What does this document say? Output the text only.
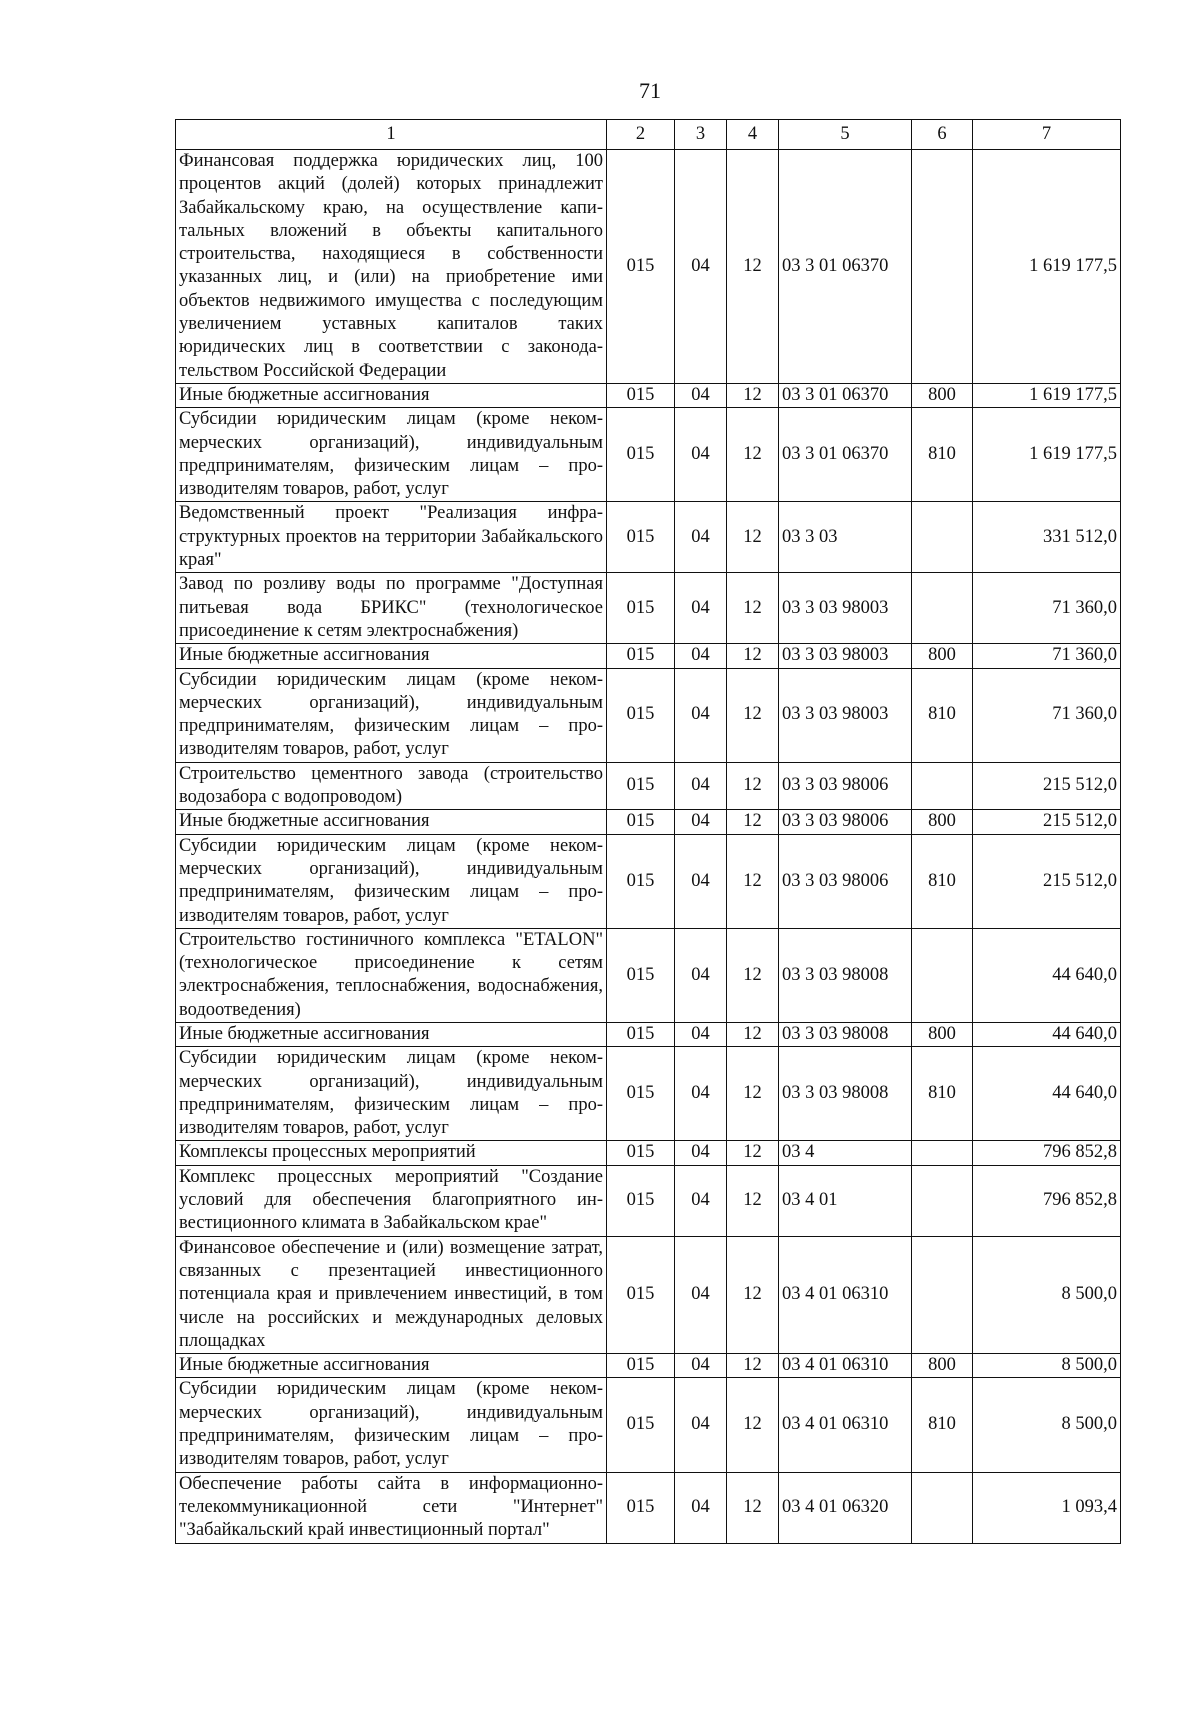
71
1	2	3	4	5	6	7
Финансовая поддержка юридических лиц, 100 процентов акций (долей) которых принадлежит Забайкальскому краю, на осуществление капитальных вложений в объекты капитального строительства, находящиеся в собственности указанных лиц, и (или) на приобретение ими объектов недвижимого имущества с последующим увеличением уставных капиталов таких юридических лиц в соответствии с законодательством Российской Федерации	015	04	12	03 3 01 06370		1 619 177,5
Иные бюджетные ассигнования	015	04	12	03 3 01 06370	800	1 619 177,5
Субсидии юридическим лицам (кроме некоммерческих организаций), индивидуальным предпринимателям, физическим лицам – производителям товаров, работ, услуг	015	04	12	03 3 01 06370	810	1 619 177,5
Ведомственный проект "Реализация инфраструктурных проектов на территории Забайкальского края"	015	04	12	03 3 03		331 512,0
Завод по розливу воды по программе "Доступная питьевая вода БРИКС" (технологическое присоединение к сетям электроснабжения)	015	04	12	03 3 03 98003		71 360,0
Иные бюджетные ассигнования	015	04	12	03 3 03 98003	800	71 360,0
Субсидии юридическим лицам (кроме некоммерческих организаций), индивидуальным предпринимателям, физическим лицам – производителям товаров, работ, услуг	015	04	12	03 3 03 98003	810	71 360,0
Строительство цементного завода (строительство водозабора с водопроводом)	015	04	12	03 3 03 98006		215 512,0
Иные бюджетные ассигнования	015	04	12	03 3 03 98006	800	215 512,0
Субсидии юридическим лицам (кроме некоммерческих организаций), индивидуальным предпринимателям, физическим лицам – производителям товаров, работ, услуг	015	04	12	03 3 03 98006	810	215 512,0
Строительство гостиничного комплекса "ETALON" (технологическое присоединение к сетям электроснабжения, теплоснабжения, водоснабжения, водоотведения)	015	04	12	03 3 03 98008		44 640,0
Иные бюджетные ассигнования	015	04	12	03 3 03 98008	800	44 640,0
Субсидии юридическим лицам (кроме некоммерческих организаций), индивидуальным предпринимателям, физическим лицам – производителям товаров, работ, услуг	015	04	12	03 3 03 98008	810	44 640,0
Комплексы процессных мероприятий	015	04	12	03 4		796 852,8
Комплекс процессных мероприятий "Создание условий для обеспечения благоприятного инвестиционного климата в Забайкальском крае"	015	04	12	03 4 01		796 852,8
Финансовое обеспечение и (или) возмещение затрат, связанных с презентацией инвестиционного потенциала края и привлечением инвестиций, в том числе на российских и международных деловых площадках	015	04	12	03 4 01 06310		8 500,0
Иные бюджетные ассигнования	015	04	12	03 4 01 06310	800	8 500,0
Субсидии юридическим лицам (кроме некоммерческих организаций), индивидуальным предпринимателям, физическим лицам – производителям товаров, работ, услуг	015	04	12	03 4 01 06310	810	8 500,0
Обеспечение работы сайта в информационно-телекоммуникационной сети "Интернет" "Забайкальский край инвестиционный портал"	015	04	12	03 4 01 06320		1 093,4
